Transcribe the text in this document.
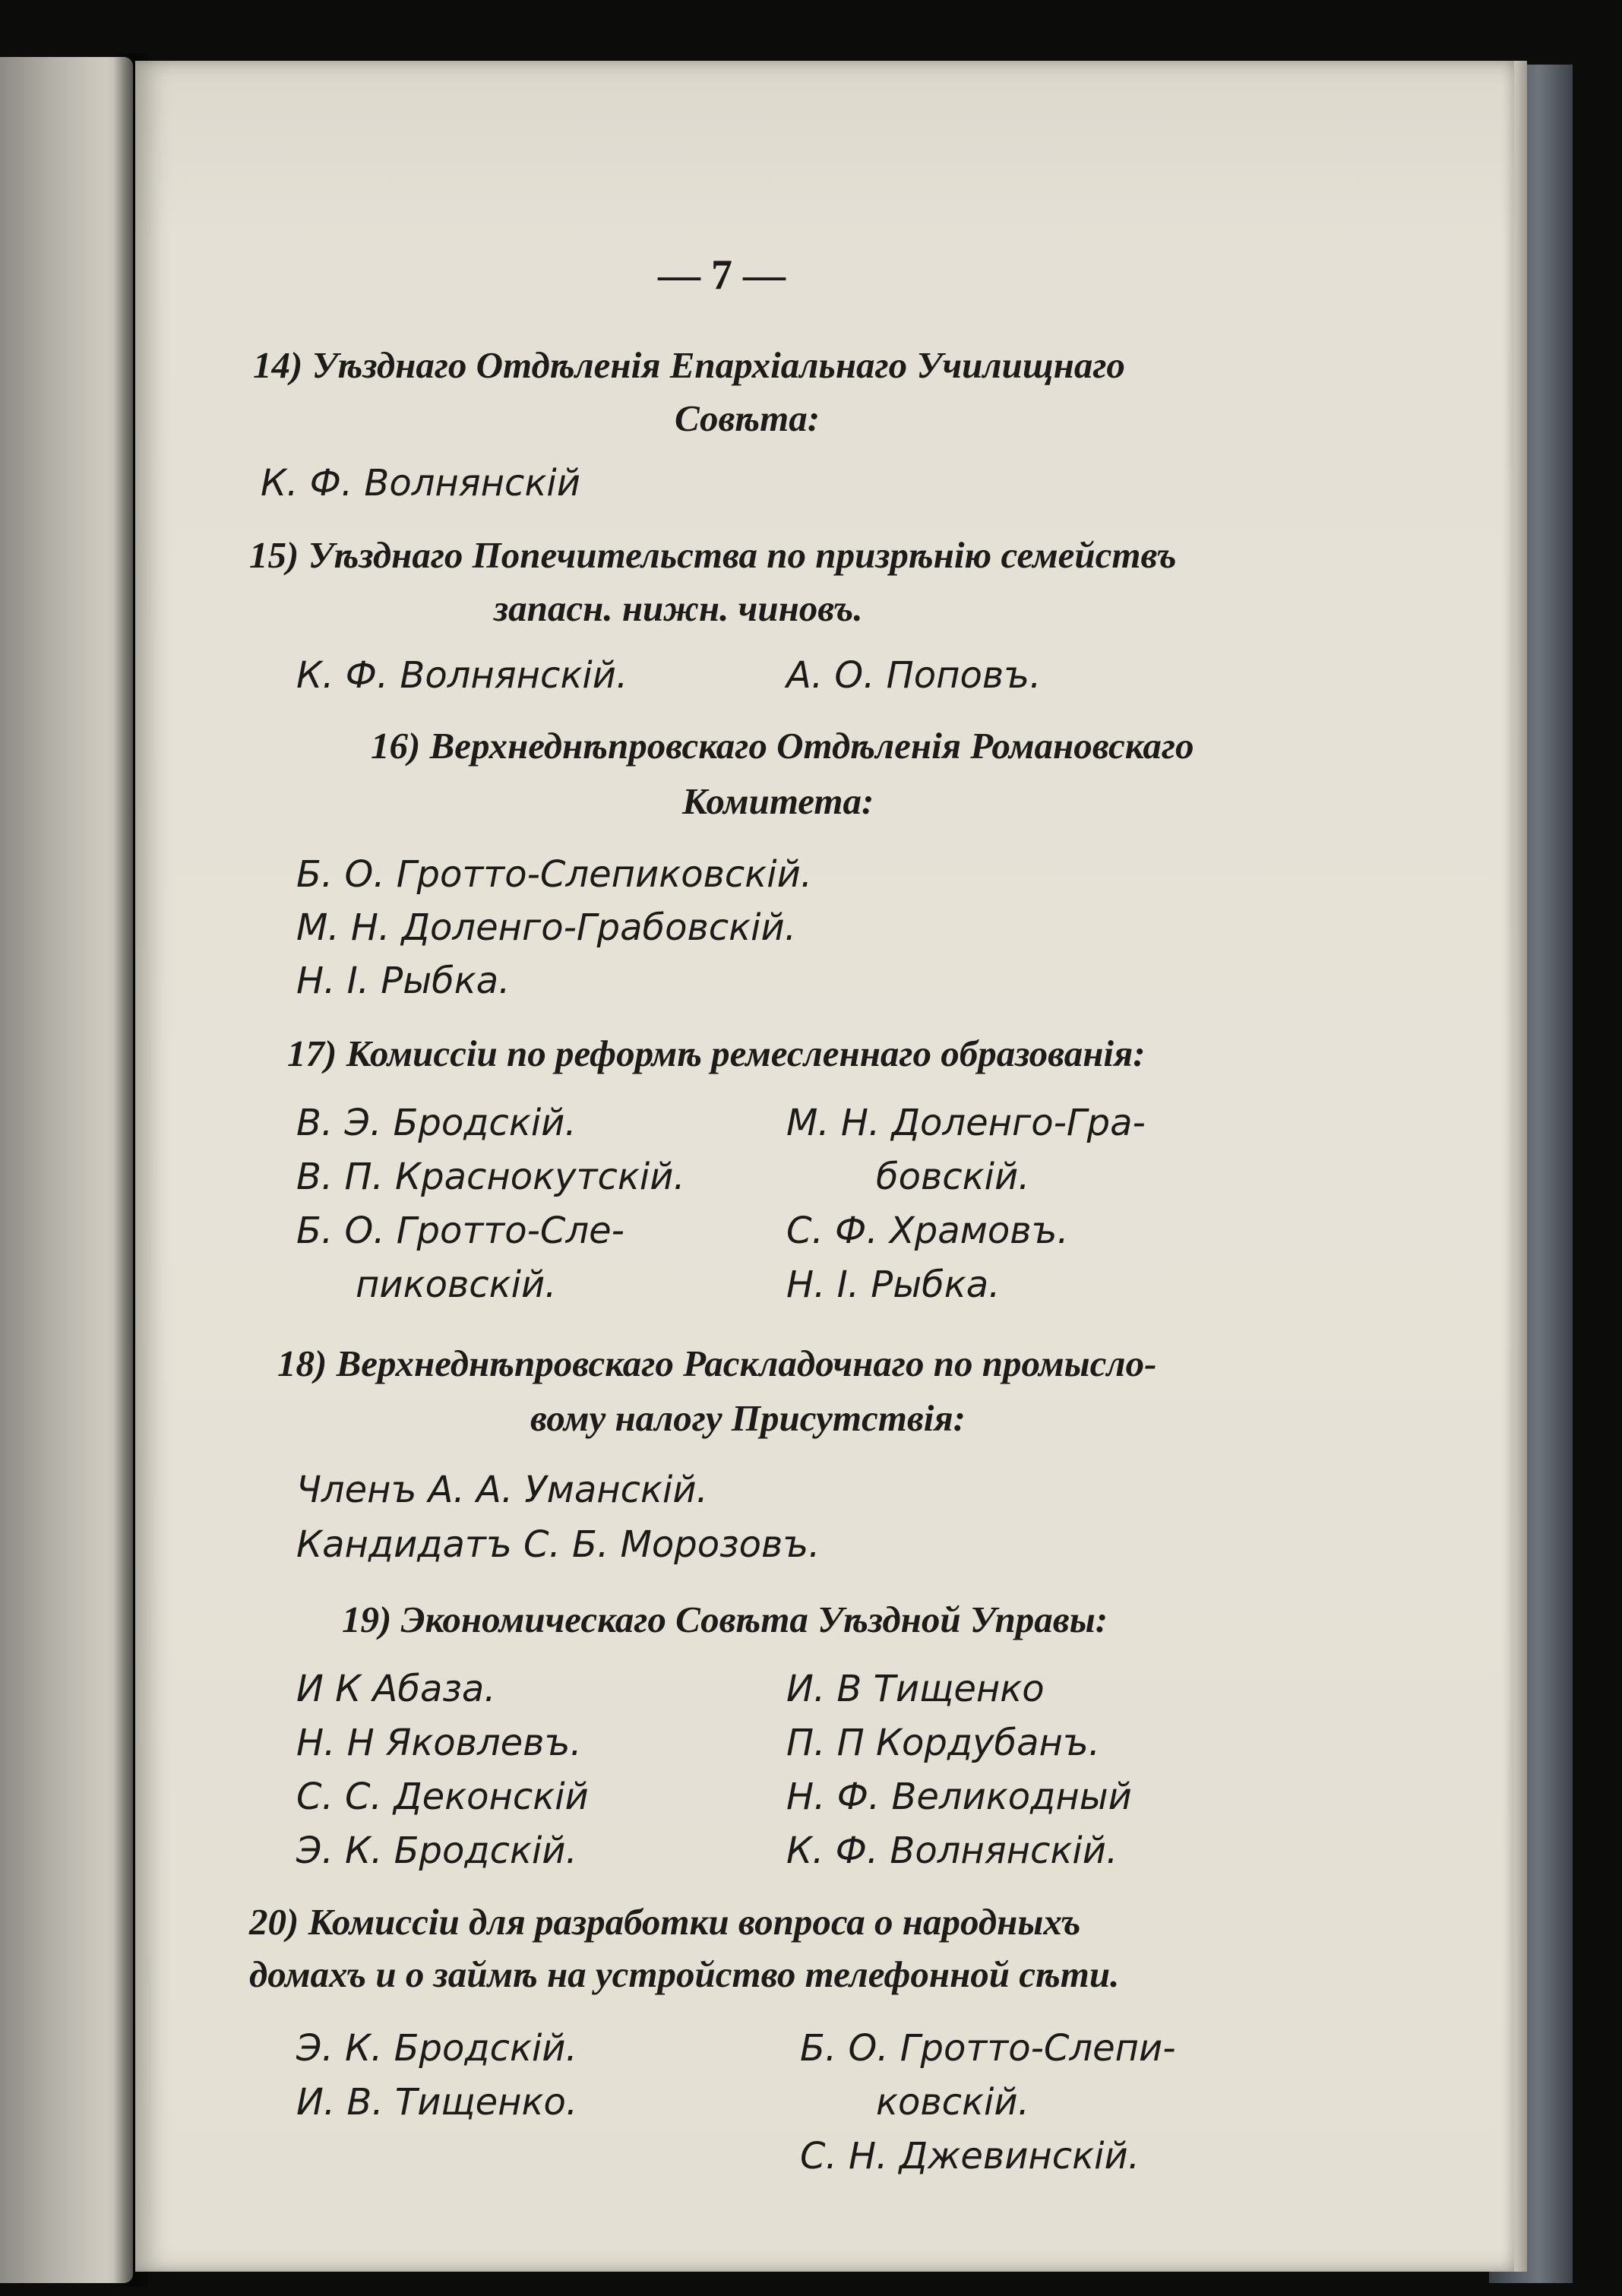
— 7 —
14) Уѣзднаго Отдѣленія Епархіальнаго Училищнаго
Совѣта:
К. Ф. Волнянскій
15) Уѣзднаго Попечительства по призрѣнію семействъ
запасн. нижн. чиновъ.
К. Ф. Волнянскій.	А. О. Поповъ.
16) Верхнеднѣпровскаго Отдѣленія Романовскаго
Комитета:
Б. О. Гротто-Слепиковскій.
М. Н. Доленго-Грабовскій.
Н. І. Рыбка.
17) Комиссіи по реформѣ ремесленнаго образованія:
В. Э. Бродскій.
В. П. Краснокутскій.
Б. О. Гротто-Сле-
пиковскій.
М. Н. Доленго-Гра-
бовскій.
С. Ф. Храмовъ.
Н. І. Рыбка.
18) Верхнеднѣпровскаго Раскладочнаго по промысло-
вому налогу Присутствія:
Членъ А. А. Уманскій.
Кандидатъ С. Б. Морозовъ.
19) Экономическаго Совѣта Уѣздной Управы:
И К Абаза.
Н. Н Яковлевъ.
С. С. Деконскій
Э. К. Бродскій.
И. В Тищенко
П. П Кордубанъ.
Н. Ф. Великодный
К. Ф. Волнянскій.
20) Комиссіи для разработки вопроса о народныхъ
домахъ и о займѣ на устройство телефонной сѣти.
Э. К. Бродскій.
И. В. Тищенко.
Б. О. Гротто-Слепи-
ковскій.
С. Н. Джевинскій.
